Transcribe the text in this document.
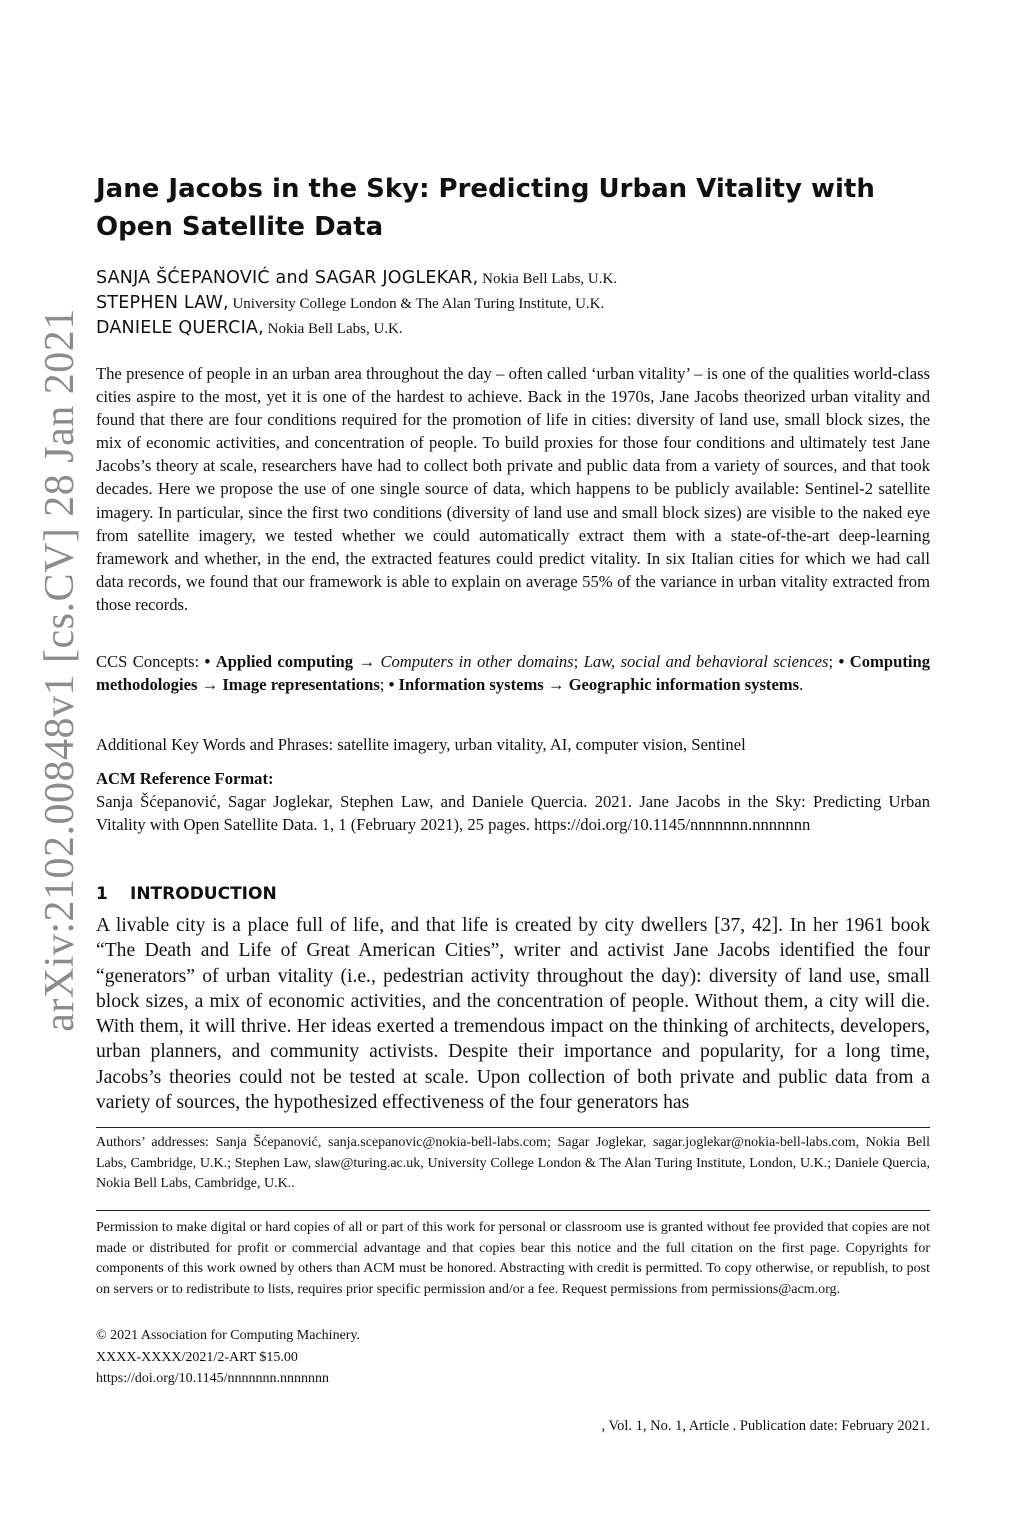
arXiv:2102.00848v1 [cs.CV] 28 Jan 2021
Jane Jacobs in the Sky: Predicting Urban Vitality with Open Satellite Data
SANJA ŠĆEPANOVIĆ and SAGAR JOGLEKAR, Nokia Bell Labs, U.K.
STEPHEN LAW, University College London & The Alan Turing Institute, U.K.
DANIELE QUERCIA, Nokia Bell Labs, U.K.

The presence of people in an urban area throughout the day – often called ‘urban vitality’ – is one of the qualities world-class cities aspire to the most, yet it is one of the hardest to achieve. Back in the 1970s, Jane Jacobs theorized urban vitality and found that there are four conditions required for the promotion of life in cities: diversity of land use, small block sizes, the mix of economic activities, and concentration of people. To build proxies for those four conditions and ultimately test Jane Jacobs’s theory at scale, researchers have had to collect both private and public data from a variety of sources, and that took decades. Here we propose the use of one single source of data, which happens to be publicly available: Sentinel-2 satellite imagery. In particular, since the first two conditions (diversity of land use and small block sizes) are visible to the naked eye from satellite imagery, we tested whether we could automatically extract them with a state-of-the-art deep-learning framework and whether, in the end, the extracted features could predict vitality. In six Italian cities for which we had call data records, we found that our framework is able to explain on average 55% of the variance in urban vitality extracted from those records.

CCS Concepts: • Applied computing → Computers in other domains; Law, social and behavioral sciences; • Computing methodologies → Image representations; • Information systems → Geographic information systems.

Additional Key Words and Phrases: satellite imagery, urban vitality, AI, computer vision, Sentinel

ACM Reference Format:

Sanja Šćepanović, Sagar Joglekar, Stephen Law, and Daniele Quercia. 2021. Jane Jacobs in the Sky: Predicting Urban Vitality with Open Satellite Data. 1, 1 (February 2021), 25 pages. https://doi.org/10.1145/nnnnnnn.nnnnnnn

1 INTRODUCTION

A livable city is a place full of life, and that life is created by city dwellers [37, 42]. In her 1961 book “The Death and Life of Great American Cities”, writer and activist Jane Jacobs identified the four “generators” of urban vitality (i.e., pedestrian activity throughout the day): diversity of land use, small block sizes, a mix of economic activities, and the concentration of people. Without them, a city will die. With them, it will thrive. Her ideas exerted a tremendous impact on the thinking of architects, developers, urban planners, and community activists. Despite their importance and popularity, for a long time, Jacobs’s theories could not be tested at scale. Upon collection of both private and public data from a variety of sources, the hypothesized effectiveness of the four generators has

Authors’ addresses: Sanja Šćepanović, sanja.scepanovic@nokia-bell-labs.com; Sagar Joglekar, sagar.joglekar@nokia-bell-labs.com, Nokia Bell Labs, Cambridge, U.K.; Stephen Law, slaw@turing.ac.uk, University College London & The Alan Turing Institute, London, U.K.; Daniele Quercia, Nokia Bell Labs, Cambridge, U.K..

Permission to make digital or hard copies of all or part of this work for personal or classroom use is granted without fee provided that copies are not made or distributed for profit or commercial advantage and that copies bear this notice and the full citation on the first page. Copyrights for components of this work owned by others than ACM must be honored. Abstracting with credit is permitted. To copy otherwise, or republish, to post on servers or to redistribute to lists, requires prior specific permission and/or a fee. Request permissions from permissions@acm.org.

© 2021 Association for Computing Machinery.

XXXX-XXXX/2021/2-ART $15.00

https://doi.org/10.1145/nnnnnnn.nnnnnnn

, Vol. 1, No. 1, Article . Publication date: February 2021.
